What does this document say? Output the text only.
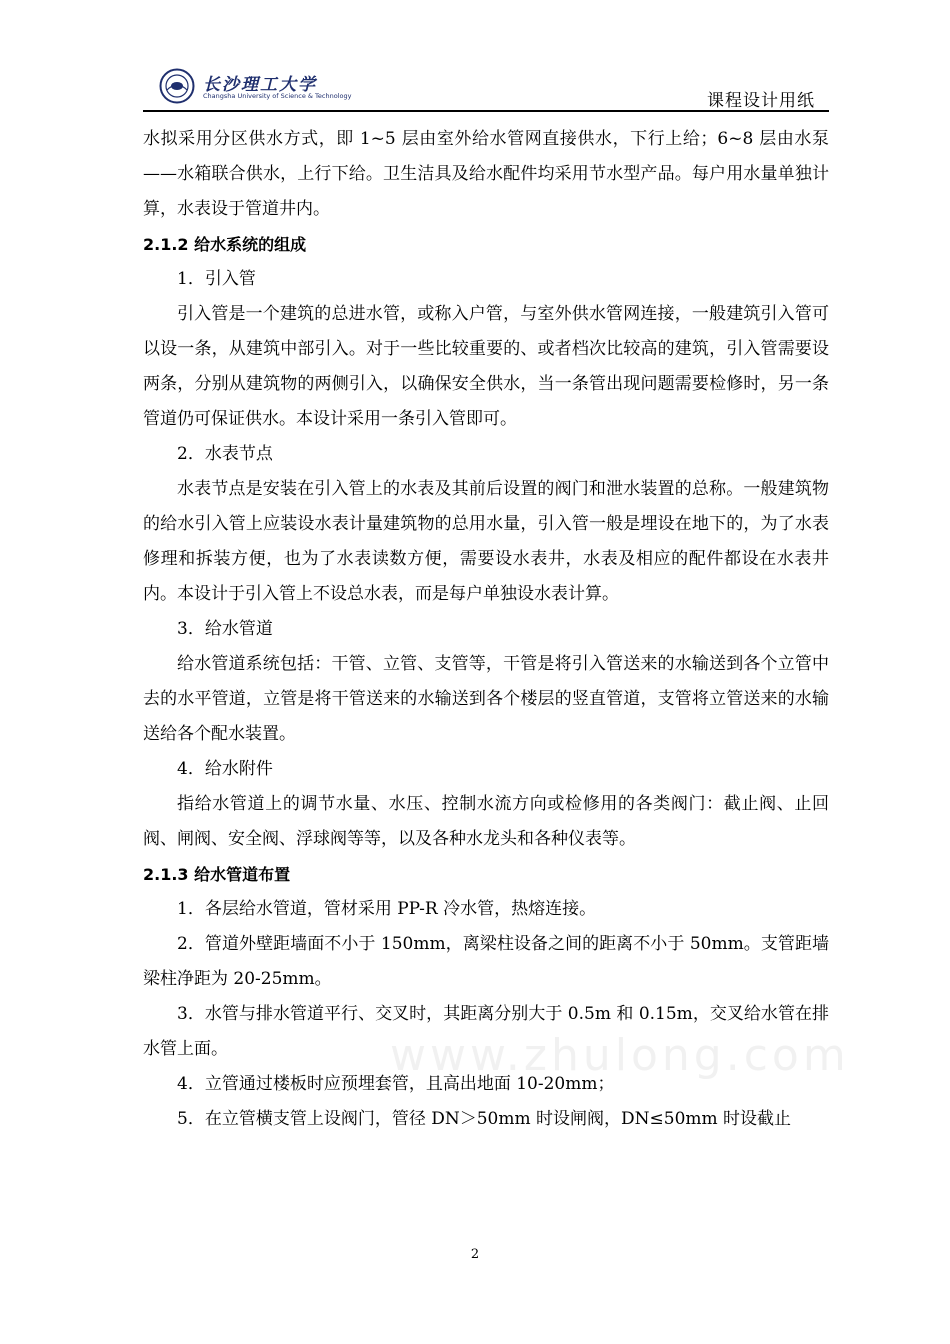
长沙理工大学
Changsha University of Science & Technology	课程设计用纸

水拟采用分区供水方式，即 1~5 层由室外给水管网直接供水，下行上给；6~8 层由水泵——水箱联合供水，上行下给。卫生洁具及给水配件均采用节水型产品。每户用水量单独计算，水表设于管道井内。

2.1.2 给水系统的组成

1．引入管

引入管是一个建筑的总进水管，或称入户管，与室外供水管网连接，一般建筑引入管可以设一条，从建筑中部引入。对于一些比较重要的、或者档次比较高的建筑，引入管需要设两条，分别从建筑物的两侧引入，以确保安全供水，当一条管出现问题需要检修时，另一条管道仍可保证供水。本设计采用一条引入管即可。

2．水表节点

水表节点是安装在引入管上的水表及其前后设置的阀门和泄水装置的总称。一般建筑物的给水引入管上应装设水表计量建筑物的总用水量，引入管一般是埋设在地下的，为了水表修理和拆装方便，也为了水表读数方便，需要设水表井，水表及相应的配件都设在水表井内。本设计于引入管上不设总水表，而是每户单独设水表计算。

3．给水管道

给水管道系统包括：干管、立管、支管等，干管是将引入管送来的水输送到各个立管中去的水平管道，立管是将干管送来的水输送到各个楼层的竖直管道，支管将立管送来的水输送给各个配水装置。

4．给水附件

指给水管道上的调节水量、水压、控制水流方向或检修用的各类阀门：截止阀、止回阀、闸阀、安全阀、浮球阀等等，以及各种水龙头和各种仪表等。

2.1.3 给水管道布置

1．各层给水管道，管材采用 PP-R 冷水管，热熔连接。

2．管道外壁距墙面不小于 150mm，离梁柱设备之间的距离不小于 50mm。支管距墙梁柱净距为 20-25mm。

3．水管与排水管道平行、交叉时，其距离分别大于 0.5m 和 0.15m，交叉给水管在排水管上面。

4．立管通过楼板时应预埋套管，且高出地面 10-20mm；

5．在立管横支管上设阀门，管径 DN＞50mm 时设闸阀，DN≤50mm 时设截止

www.zhulong.com
2
